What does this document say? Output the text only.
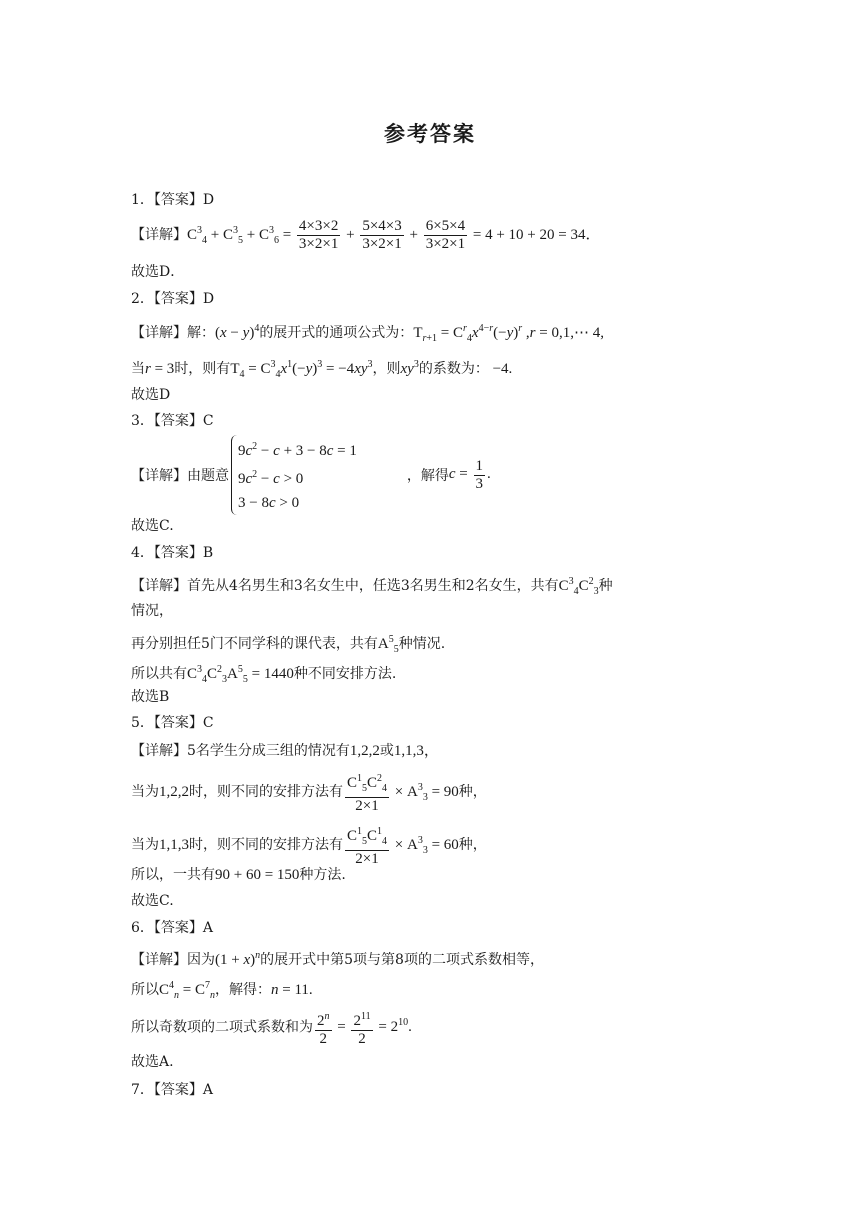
参考答案
1．【答案】D
【详解】$C^3_4 + C^3_5 + C^3_6 = \frac{4\times 3\times 2}{3\times 2\times 1} + \frac{5\times 4\times 3}{3\times 2\times 1} + \frac{6\times 5\times 4}{3\times 2\times 1} = 4 + 10 + 20 = 34$．
故选D．
2．【答案】D
【详解】解：$(x - y)^4$的展开式的通项公式为：$T_{r+1} = C^r_4x^{4-r}(-y)^r$ ,r = 0,1,⋯ 4,
当r = 3时，则有$T_4 = C^3_4x^1(-y)^3 = -4xy^3$，则$xy^3$的系数为： −4.
故选D
3．【答案】C
【详解】由题意
$9c^2 - c + 3 - 8c = 1$
$9c^2 - c > 0$
3 − 8c > 0
，解得$c = \frac{1}{3}$ .
故选C.
4．【答案】B
【详解】首先从4名男生和3名女生中，任选3名男生和2名女生，共有$C^3_4C^2_3$种
情况，
再分别担任5门不同学科的课代表，共有$A^5_5$种情况.
所以共有$C^3_4C^2_3A^5_5 = 1440$种不同安排方法.
故选B
5．【答案】C
【详解】5名学生分成三组的情况有1,2,2或1,1,3，
当为1,2,2时，则不同的安排方法有 $\frac{C^1_5C^2_4}{2\times 1} \times A^3_3 = 90$种，
当为1,1,3时，则不同的安排方法有 $\frac{C^1_5C^1_4}{2\times 1} \times A^3_3 = 60$种，
所以，一共有90 + 60 = 150种方法.
故选C.
6．【答案】A
【详解】因为$(1 + x)^n$的展开式中第5项与第8项的二项式系数相等，
所以$C^4_n = C^7_n$，解得：n = 11.
所以奇数项的二项式系数和为 $\frac{2^n}{2} = \frac{2^{11}}{2} = 2^{10}$.
故选A.
7．【答案】A
